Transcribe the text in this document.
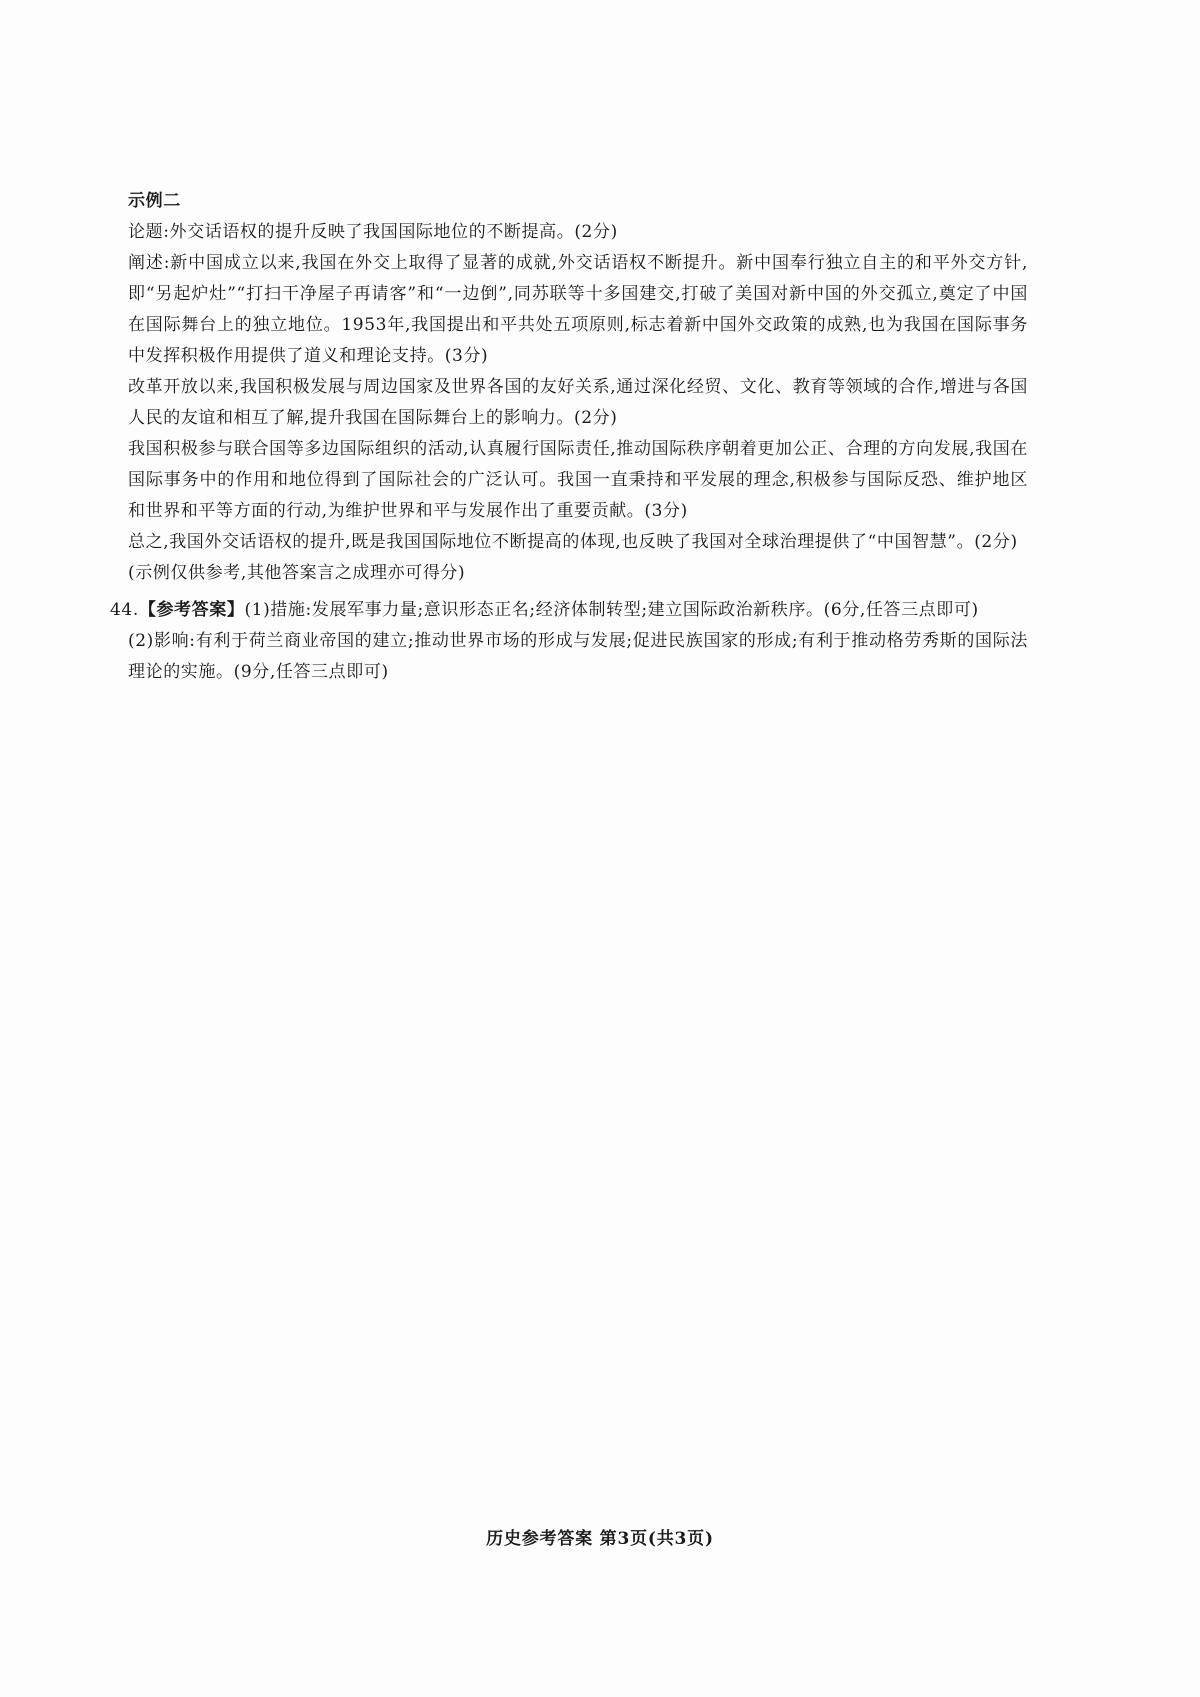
示例二

论题:外交话语权的提升反映了我国国际地位的不断提高。(2分)

阐述:新中国成立以来,我国在外交上取得了显著的成就,外交话语权不断提升。新中国奉行独立自主的和平外交方针,即“另起炉灶”“打扫干净屋子再请客”和“一边倒”,同苏联等十多国建交,打破了美国对新中国的外交孤立,奠定了中国在国际舞台上的独立地位。1953年,我国提出和平共处五项原则,标志着新中国外交政策的成熟,也为我国在国际事务中发挥积极作用提供了道义和理论支持。(3分)

改革开放以来,我国积极发展与周边国家及世界各国的友好关系,通过深化经贸、文化、教育等领域的合作,增进与各国人民的友谊和相互了解,提升我国在国际舞台上的影响力。(2分)

我国积极参与联合国等多边国际组织的活动,认真履行国际责任,推动国际秩序朝着更加公正、合理的方向发展,我国在国际事务中的作用和地位得到了国际社会的广泛认可。我国一直秉持和平发展的理念,积极参与国际反恐、维护地区和世界和平等方面的行动,为维护世界和平与发展作出了重要贡献。(3分)

总之,我国外交话语权的提升,既是我国国际地位不断提高的体现,也反映了我国对全球治理提供了“中国智慧”。(2分)

(示例仅供参考,其他答案言之成理亦可得分)

44.【参考答案】(1)措施:发展军事力量;意识形态正名;经济体制转型;建立国际政治新秩序。(6分,任答三点即可)

(2)影响:有利于荷兰商业帝国的建立;推动世界市场的形成与发展;促进民族国家的形成;有利于推动格劳秀斯的国际法理论的实施。(9分,任答三点即可)

历史参考答案 第3页(共3页)
